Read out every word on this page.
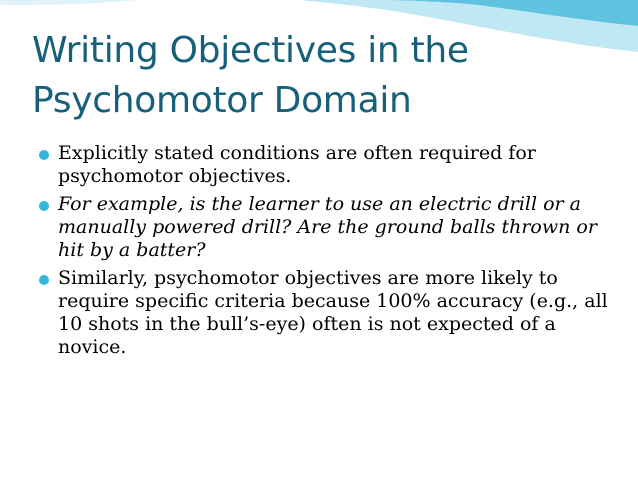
Writing Objectives in the Psychomotor Domain
Explicitly stated conditions are often required for psychomotor objectives.
For example, is the learner to use an electric drill or a manually powered drill? Are the ground balls thrown or hit by a batter?
Similarly, psychomotor objectives are more likely to require specific criteria because 100% accuracy (e.g., all 10 shots in the bull’s-eye) often is not expected of a novice.
